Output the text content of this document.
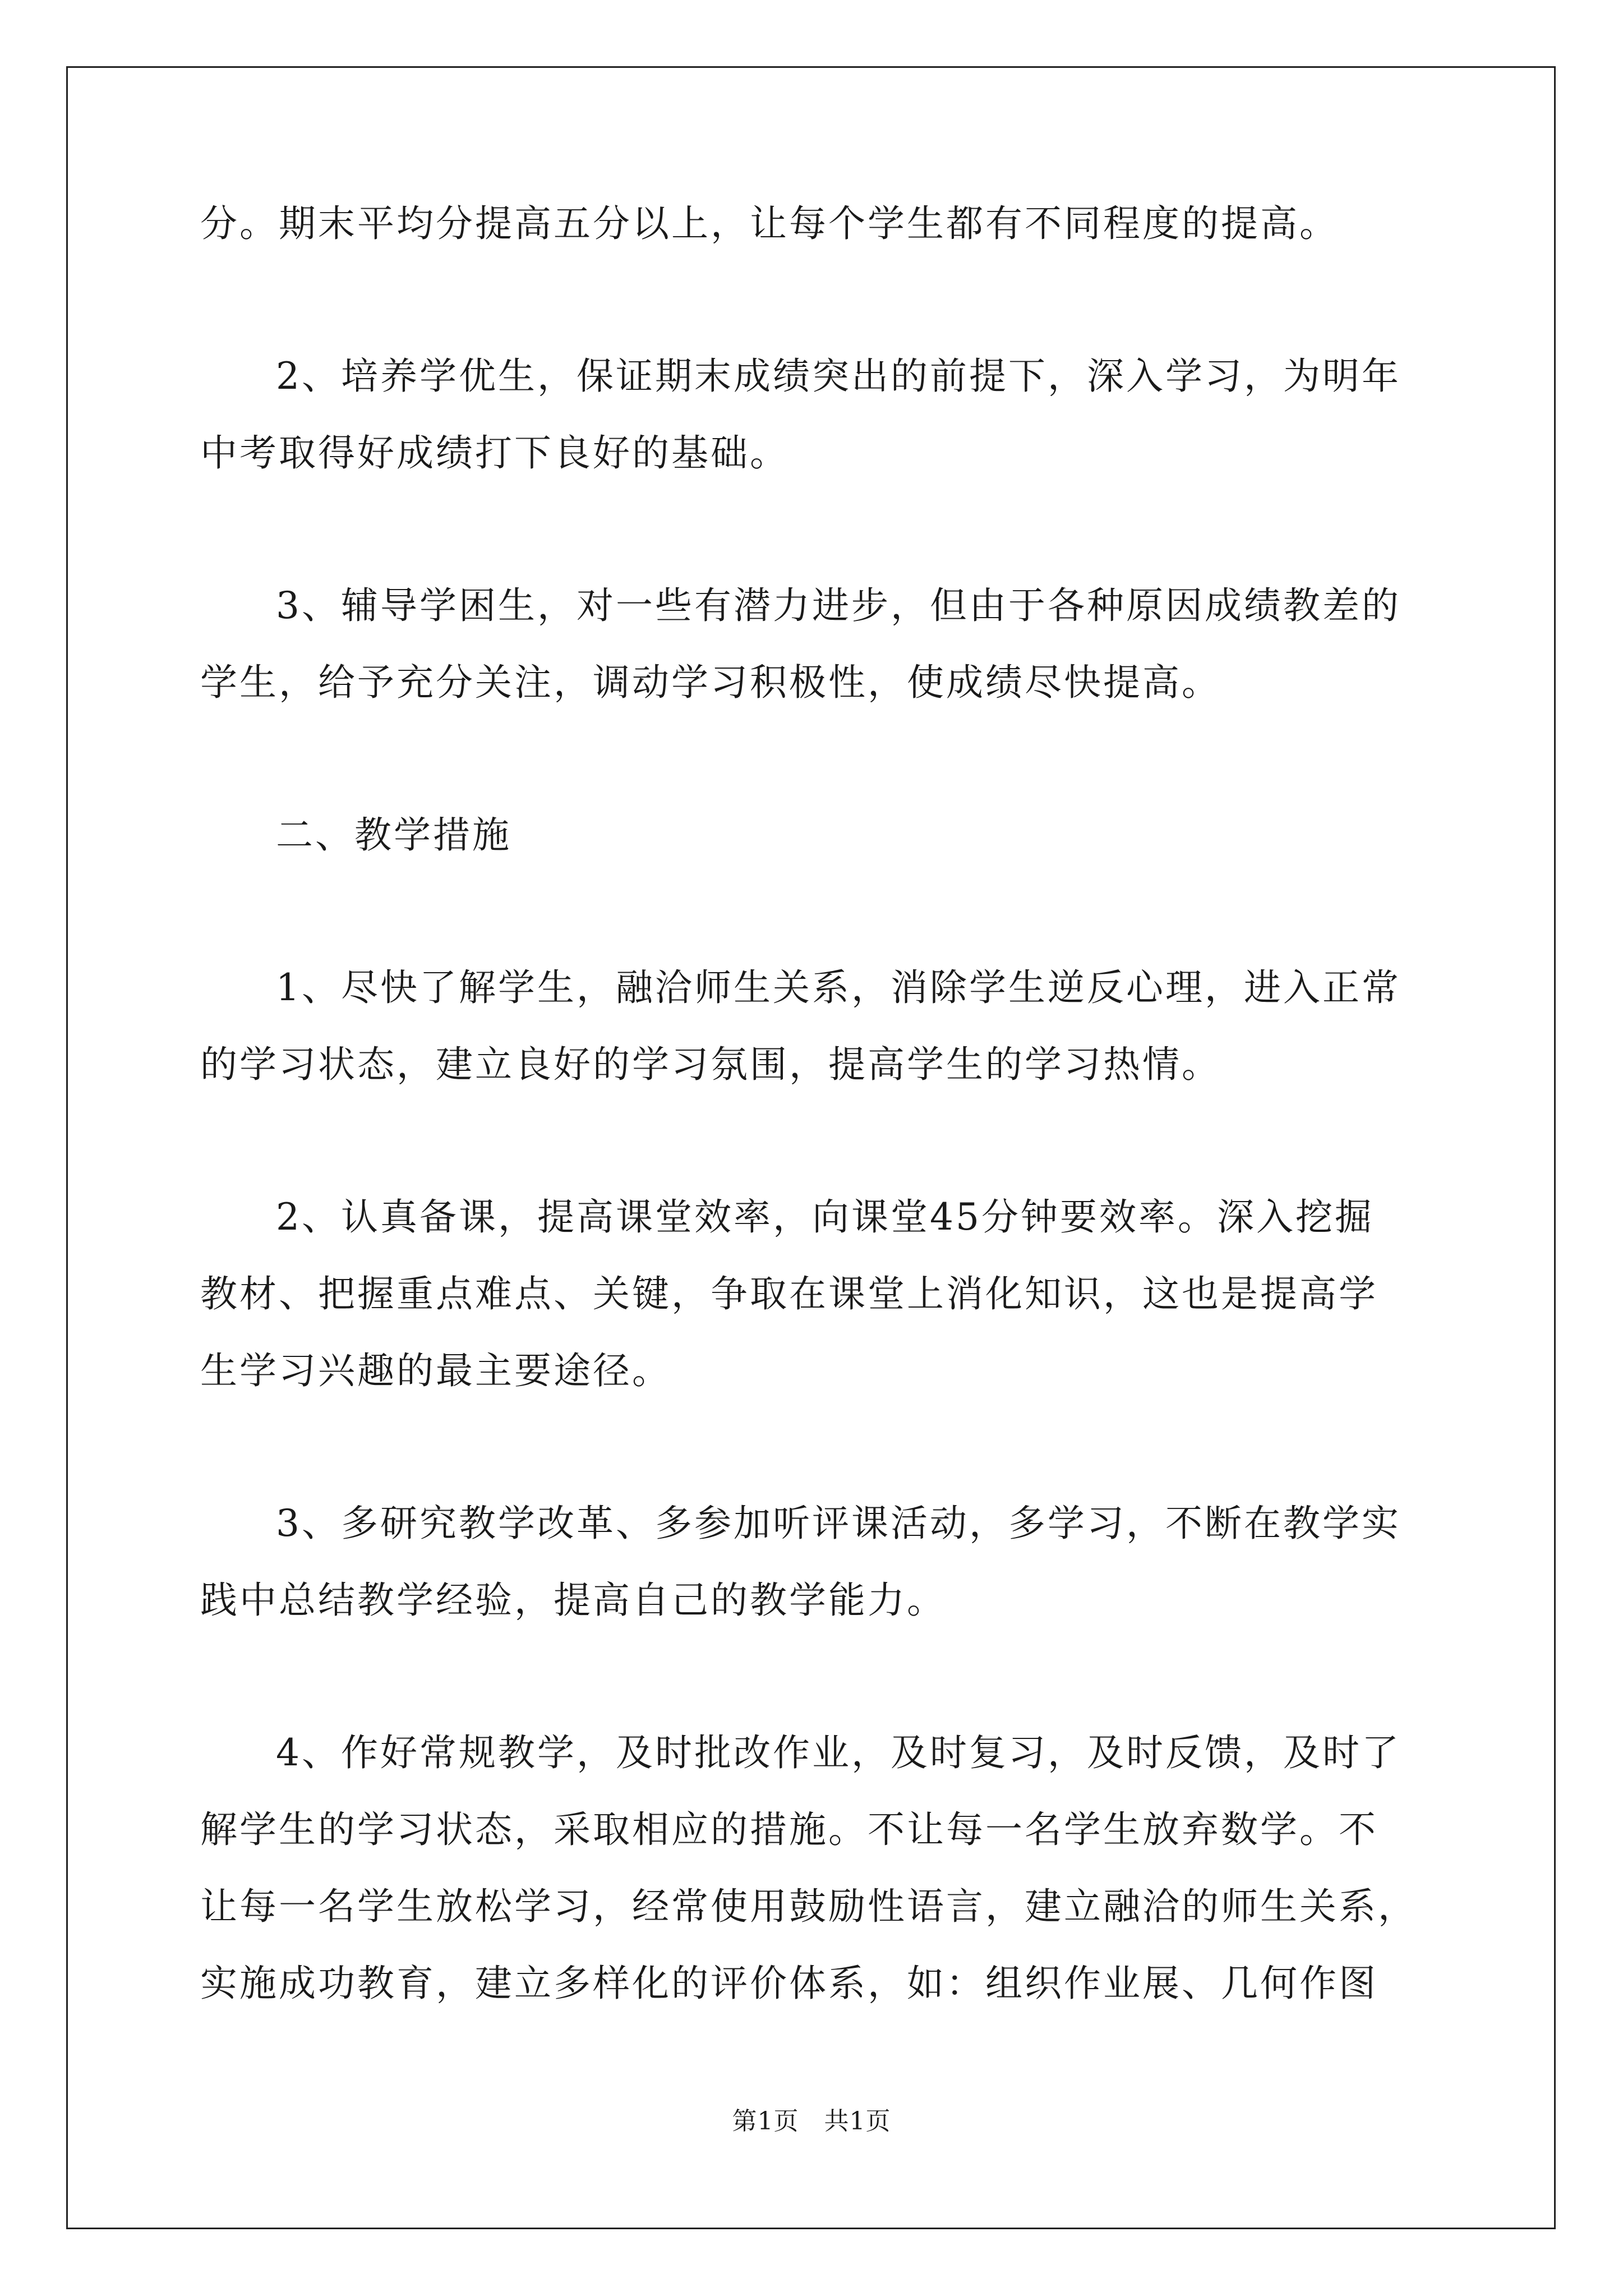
分。期末平均分提高五分以上，让每个学生都有不同程度的提高。
2、培养学优生，保证期末成绩突出的前提下，深入学习，为明年
中考取得好成绩打下良好的基础。
3、辅导学困生，对一些有潜力进步，但由于各种原因成绩教差的
学生，给予充分关注，调动学习积极性，使成绩尽快提高。
二、教学措施
1、尽快了解学生，融洽师生关系，消除学生逆反心理，进入正常
的学习状态，建立良好的学习氛围，提高学生的学习热情。
2、认真备课，提高课堂效率，向课堂45分钟要效率。深入挖掘
教材、把握重点难点、关键，争取在课堂上消化知识，这也是提高学
生学习兴趣的最主要途径。
3、多研究教学改革、多参加听评课活动，多学习，不断在教学实
践中总结教学经验，提高自己的教学能力。
4、作好常规教学，及时批改作业，及时复习，及时反馈，及时了
解学生的学习状态，采取相应的措施。不让每一名学生放弃数学。不
让每一名学生放松学习，经常使用鼓励性语言，建立融洽的师生关系，
实施成功教育，建立多样化的评价体系，如：组织作业展、几何作图
第1页   共1页
